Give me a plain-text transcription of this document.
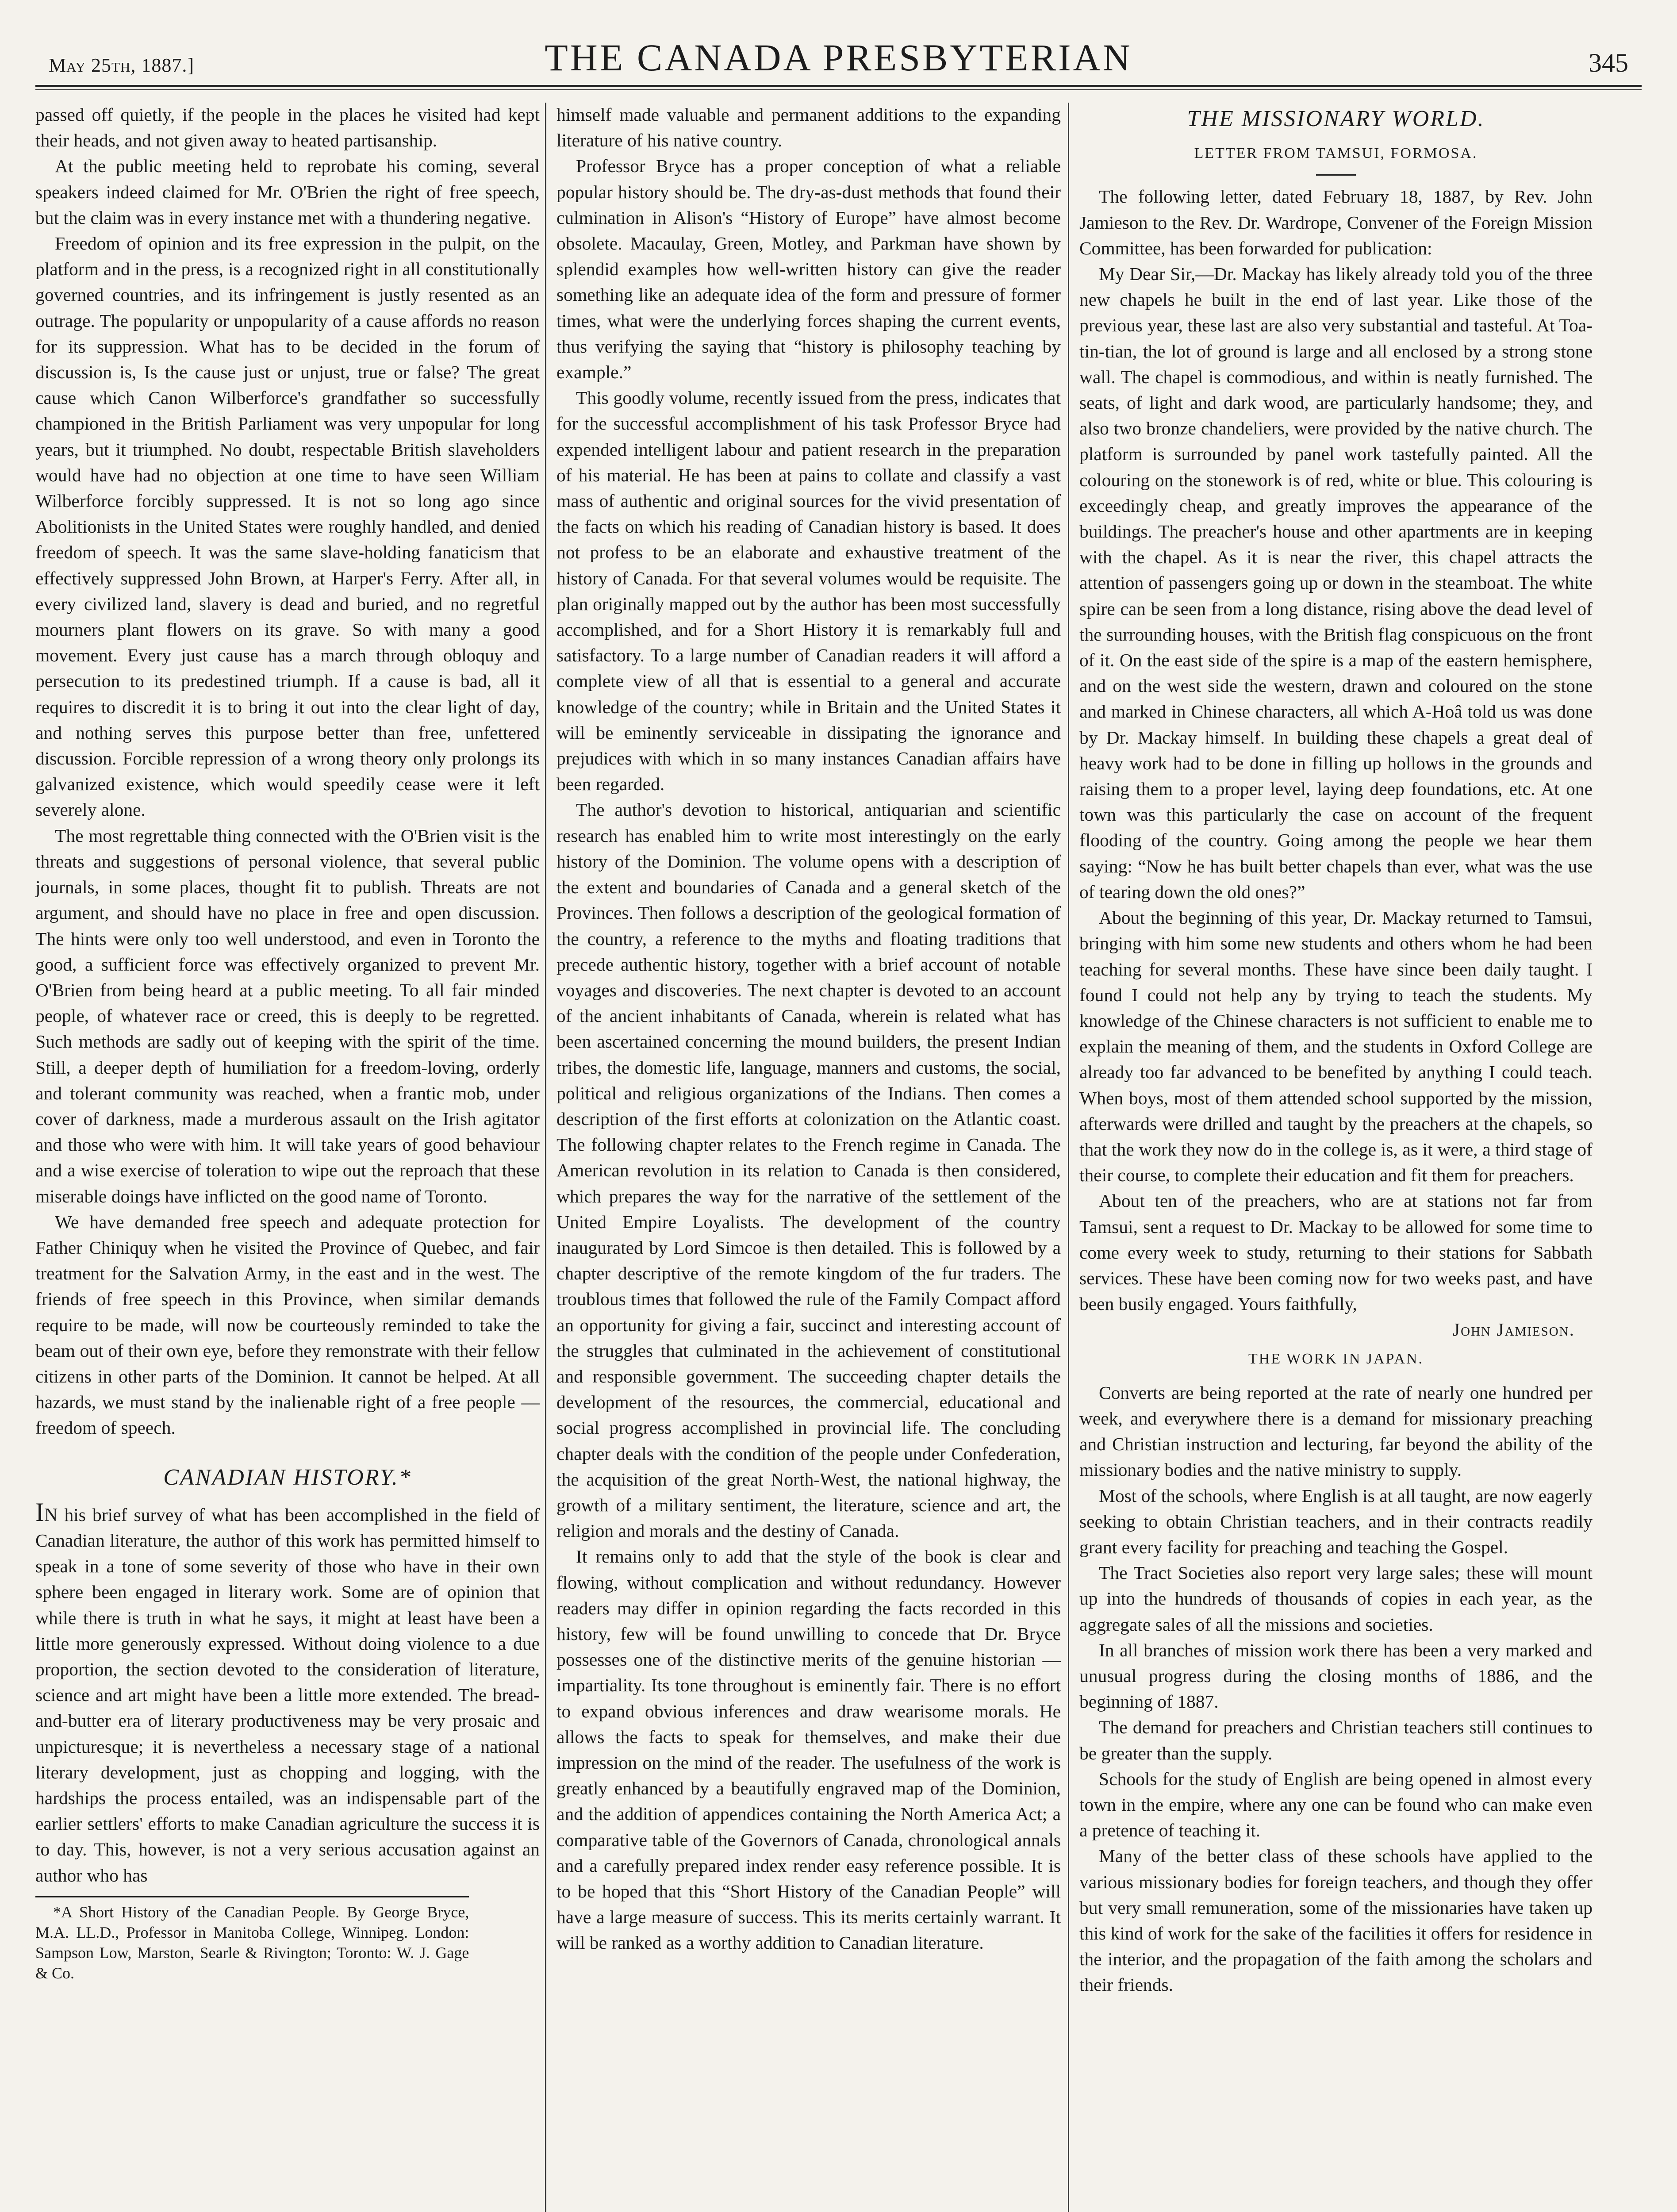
May 25th, 1887.]	THE CANADA PRESBYTERIAN	345

passed off quietly, if the people in the places he visited had kept their heads, and not given away to heated partisanship.

At the public meeting held to reprobate his coming, several speakers indeed claimed for Mr. O'Brien the right of free speech, but the claim was in every instance met with a thundering negative.

Freedom of opinion and its free expression in the pulpit, on the platform and in the press, is a recognized right in all constitutionally governed countries, and its infringement is justly resented as an outrage. The popularity or unpopularity of a cause affords no reason for its suppression. What has to be decided in the forum of discussion is, Is the cause just or unjust, true or false? The great cause which Canon Wilberforce's grandfather so successfully championed in the British Parliament was very unpopular for long years, but it triumphed. No doubt, respectable British slaveholders would have had no objection at one time to have seen William Wilberforce forcibly suppressed. It is not so long ago since Abolitionists in the United States were roughly handled, and denied freedom of speech. It was the same slave-holding fanaticism that effectively suppressed John Brown, at Harper's Ferry. After all, in every civilized land, slavery is dead and buried, and no regretful mourners plant flowers on its grave. So with many a good movement. Every just cause has a march through obloquy and persecution to its predestined triumph. If a cause is bad, all it requires to discredit it is to bring it out into the clear light of day, and nothing serves this purpose better than free, unfettered discussion. Forcible repression of a wrong theory only prolongs its galvanized existence, which would speedily cease were it left severely alone.

The most regrettable thing connected with the O'Brien visit is the threats and suggestions of personal violence, that several public journals, in some places, thought fit to publish. Threats are not argument, and should have no place in free and open discussion. The hints were only too well understood, and even in Toronto the good, a sufficient force was effectively organized to prevent Mr. O'Brien from being heard at a public meeting. To all fair minded people, of whatever race or creed, this is deeply to be regretted. Such methods are sadly out of keeping with the spirit of the time. Still, a deeper depth of humiliation for a freedom-loving, orderly and tolerant community was reached, when a frantic mob, under cover of darkness, made a murderous assault on the Irish agitator and those who were with him. It will take years of good behaviour and a wise exercise of toleration to wipe out the reproach that these miserable doings have inflicted on the good name of Toronto.

We have demanded free speech and adequate protection for Father Chiniquy when he visited the Province of Quebec, and fair treatment for the Salvation Army, in the east and in the west. The friends of free speech in this Province, when similar demands require to be made, will now be courteously reminded to take the beam out of their own eye, before they remonstrate with their fellow citizens in other parts of the Dominion. It cannot be helped. At all hazards, we must stand by the inalienable right of a free people —freedom of speech.

CANADIAN HISTORY.*

In his brief survey of what has been accomplished in the field of Canadian literature, the author of this work has permitted himself to speak in a tone of some severity of those who have in their own sphere been engaged in literary work. Some are of opinion that while there is truth in what he says, it might at least have been a little more generously expressed. Without doing violence to a due proportion, the section devoted to the consideration of literature, science and art might have been a little more extended. The bread-and-butter era of literary productiveness may be very prosaic and unpicturesque; it is nevertheless a necessary stage of a national literary development, just as chopping and logging, with the hardships the process entailed, was an indispensable part of the earlier settlers' efforts to make Canadian agriculture the success it is to day. This, however, is not a very serious accusation against an author who has

*A Short History of the Canadian People. By George Bryce, M.A. LL.D., Professor in Manitoba College, Winnipeg. London: Sampson Low, Marston, Searle & Rivington; Toronto: W. J. Gage & Co.

himself made valuable and permanent additions to the expanding literature of his native country.

Professor Bryce has a proper conception of what a reliable popular history should be. The dry-as-dust methods that found their culmination in Alison's “History of Europe” have almost become obsolete. Macaulay, Green, Motley, and Parkman have shown by splendid examples how well-written history can give the reader something like an adequate idea of the form and pressure of former times, what were the underlying forces shaping the current events, thus verifying the saying that “history is philosophy teaching by example.”

This goodly volume, recently issued from the press, indicates that for the successful accomplishment of his task Professor Bryce had expended intelligent labour and patient research in the preparation of his material. He has been at pains to collate and classify a vast mass of authentic and original sources for the vivid presentation of the facts on which his reading of Canadian history is based. It does not profess to be an elaborate and exhaustive treatment of the history of Canada. For that several volumes would be requisite. The plan originally mapped out by the author has been most successfully accomplished, and for a Short History it is remarkably full and satisfactory. To a large number of Canadian readers it will afford a complete view of all that is essential to a general and accurate knowledge of the country; while in Britain and the United States it will be eminently serviceable in dissipating the ignorance and prejudices with which in so many instances Canadian affairs have been regarded.

The author's devotion to historical, antiquarian and scientific research has enabled him to write most interestingly on the early history of the Dominion. The volume opens with a description of the extent and boundaries of Canada and a general sketch of the Provinces. Then follows a description of the geological formation of the country, a reference to the myths and floating traditions that precede authentic history, together with a brief account of notable voyages and discoveries. The next chapter is devoted to an account of the ancient inhabitants of Canada, wherein is related what has been ascertained concerning the mound builders, the present Indian tribes, the domestic life, language, manners and customs, the social, political and religious organizations of the Indians. Then comes a description of the first efforts at colonization on the Atlantic coast. The following chapter relates to the French regime in Canada. The American revolution in its relation to Canada is then considered, which prepares the way for the narrative of the settlement of the United Empire Loyalists. The development of the country inaugurated by Lord Simcoe is then detailed. This is followed by a chapter descriptive of the remote kingdom of the fur traders. The troublous times that followed the rule of the Family Compact afford an opportunity for giving a fair, succinct and interesting account of the struggles that culminated in the achievement of constitutional and responsible government. The succeeding chapter details the development of the resources, the commercial, educational and social progress accomplished in provincial life. The concluding chapter deals with the condition of the people under Confederation, the acquisition of the great North-West, the national highway, the growth of a military sentiment, the literature, science and art, the religion and morals and the destiny of Canada.

It remains only to add that the style of the book is clear and flowing, without complication and without redundancy. However readers may differ in opinion regarding the facts recorded in this history, few will be found unwilling to concede that Dr. Bryce possesses one of the distinctive merits of the genuine historian —impartiality. Its tone throughout is eminently fair. There is no effort to expand obvious inferences and draw wearisome morals. He allows the facts to speak for themselves, and make their due impression on the mind of the reader. The usefulness of the work is greatly enhanced by a beautifully engraved map of the Dominion, and the addition of appendices containing the North America Act; a comparative table of the Governors of Canada, chronological annals and a carefully prepared index render easy reference possible. It is to be hoped that this “Short History of the Canadian People” will have a large measure of success. This its merits certainly warrant. It will be ranked as a worthy addition to Canadian literature.

THE MISSIONARY WORLD.
LETTER FROM TAMSUI, FORMOSA.

The following letter, dated February 18, 1887, by Rev. John Jamieson to the Rev. Dr. Wardrope, Convener of the Foreign Mission Committee, has been forwarded for publication:

My Dear Sir,—Dr. Mackay has likely already told you of the three new chapels he built in the end of last year. Like those of the previous year, these last are also very substantial and tasteful. At Toa-tin-tian, the lot of ground is large and all enclosed by a strong stone wall. The chapel is commodious, and within is neatly furnished. The seats, of light and dark wood, are particularly handsome; they, and also two bronze chandeliers, were provided by the native church. The platform is surrounded by panel work tastefully painted. All the colouring on the stonework is of red, white or blue. This colouring is exceedingly cheap, and greatly improves the appearance of the buildings. The preacher's house and other apartments are in keeping with the chapel. As it is near the river, this chapel attracts the attention of passengers going up or down in the steamboat. The white spire can be seen from a long distance, rising above the dead level of the surrounding houses, with the British flag conspicuous on the front of it. On the east side of the spire is a map of the eastern hemisphere, and on the west side the western, drawn and coloured on the stone and marked in Chinese characters, all which A-Hoâ told us was done by Dr. Mackay himself. In building these chapels a great deal of heavy work had to be done in filling up hollows in the grounds and raising them to a proper level, laying deep foundations, etc. At one town was this particularly the case on account of the frequent flooding of the country. Going among the people we hear them saying: “Now he has built better chapels than ever, what was the use of tearing down the old ones?”

About the beginning of this year, Dr. Mackay returned to Tamsui, bringing with him some new students and others whom he had been teaching for several months. These have since been daily taught. I found I could not help any by trying to teach the students. My knowledge of the Chinese characters is not sufficient to enable me to explain the meaning of them, and the students in Oxford College are already too far advanced to be benefited by anything I could teach. When boys, most of them attended school supported by the mission, afterwards were drilled and taught by the preachers at the chapels, so that the work they now do in the college is, as it were, a third stage of their course, to complete their education and fit them for preachers.

About ten of the preachers, who are at stations not far from Tamsui, sent a request to Dr. Mackay to be allowed for some time to come every week to study, returning to their stations for Sabbath services. These have been coming now for two weeks past, and have been busily engaged. Yours faithfully,

John Jamieson.
THE WORK IN JAPAN.

Converts are being reported at the rate of nearly one hundred per week, and everywhere there is a demand for missionary preaching and Christian instruction and lecturing, far beyond the ability of the missionary bodies and the native ministry to supply.

Most of the schools, where English is at all taught, are now eagerly seeking to obtain Christian teachers, and in their contracts readily grant every facility for preaching and teaching the Gospel.

The Tract Societies also report very large sales; these will mount up into the hundreds of thousands of copies in each year, as the aggregate sales of all the missions and societies.

In all branches of mission work there has been a very marked and unusual progress during the closing months of 1886, and the beginning of 1887.

The demand for preachers and Christian teachers still continues to be greater than the supply.

Schools for the study of English are being opened in almost every town in the empire, where any one can be found who can make even a pretence of teaching it.

Many of the better class of these schools have applied to the various missionary bodies for foreign teachers, and though they offer but very small remuneration, some of the missionaries have taken up this kind of work for the sake of the facilities it offers for residence in the interior, and the propagation of the faith among the scholars and their friends.
